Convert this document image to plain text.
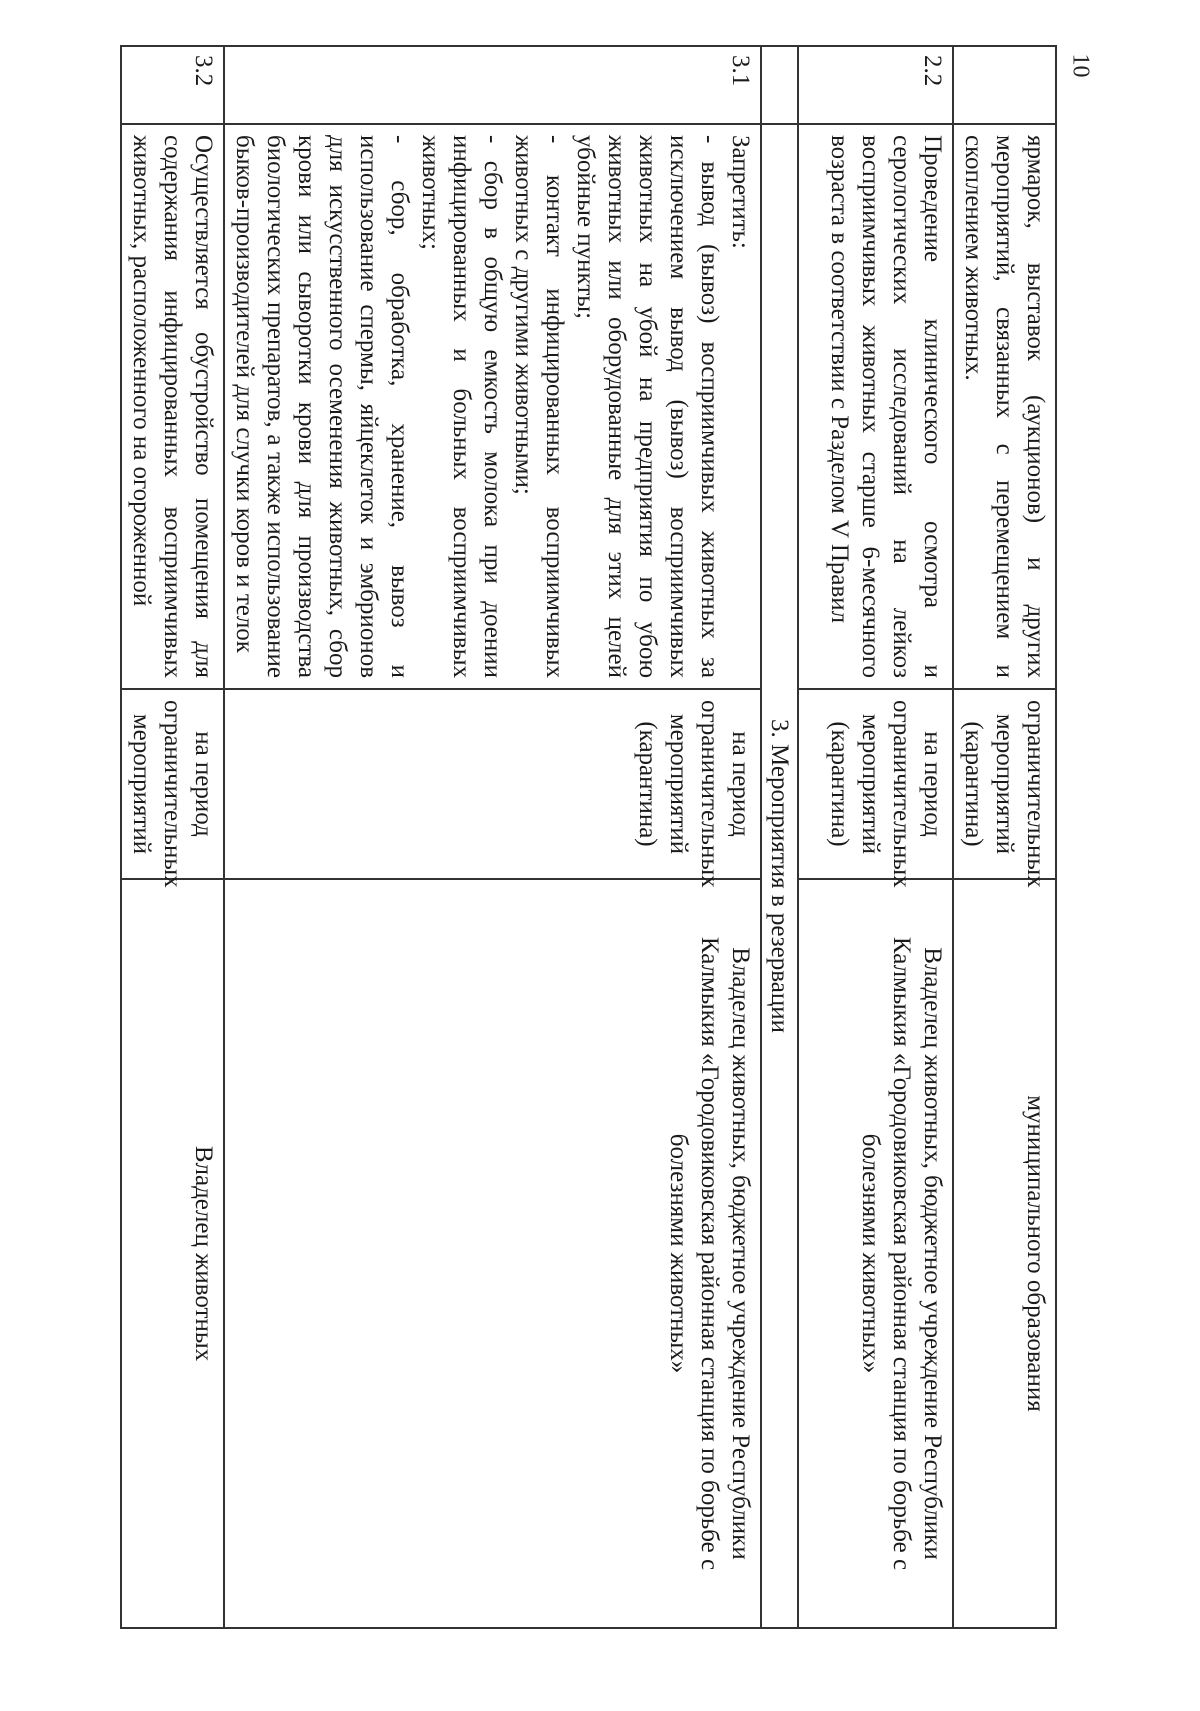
10
	ярмарок, выставок (аукционов) и других мероприятий, связанных с перемещением и скоплением животных.	ограничительных мероприятий (карантина)	муниципального образования
2.2	Проведение клинического осмотра и серологических исследований на лейкоз восприимчивых животных старше 6-месячного возраста в соответствии с Разделом V Правил	на период ограничительных мероприятий (карантина)	Владелец животных, бюджетное учреждение Республики Калмыкия «Городовиковская районная станция по борьбе с болезнями животных»
	3. Мероприятия в резервации		
3.1	Запретить:
- вывод (вывоз) восприимчивых животных за исключением вывод (вывоз) восприимчивых животных на убой на предприятия по убою животных или оборудованные для этих целей убойные пункты;
- контакт инфицированных восприимчивых животных с другими животными;
- сбор в общую емкость молока при доении инфицированных и больных восприимчивых животных;
- сбор, обработка, хранение, вывоз и использование спермы, яйцеклеток и эмбрионов для искусственного осеменения животных, сбор крови или сыворотки крови для производства биологических препаратов, а также использование быков-производителей для случки коров и телок	на период ограничительных мероприятий (карантина)	Владелец животных, бюджетное учреждение Республики Калмыкия «Городовиковская районная станция по борьбе с болезнями животных»
3.2	Осуществляется обустройство помещения для содержания инфицированных восприимчивых животных, расположенного на огороженной	на период ограничительных мероприятий	Владелец животных
